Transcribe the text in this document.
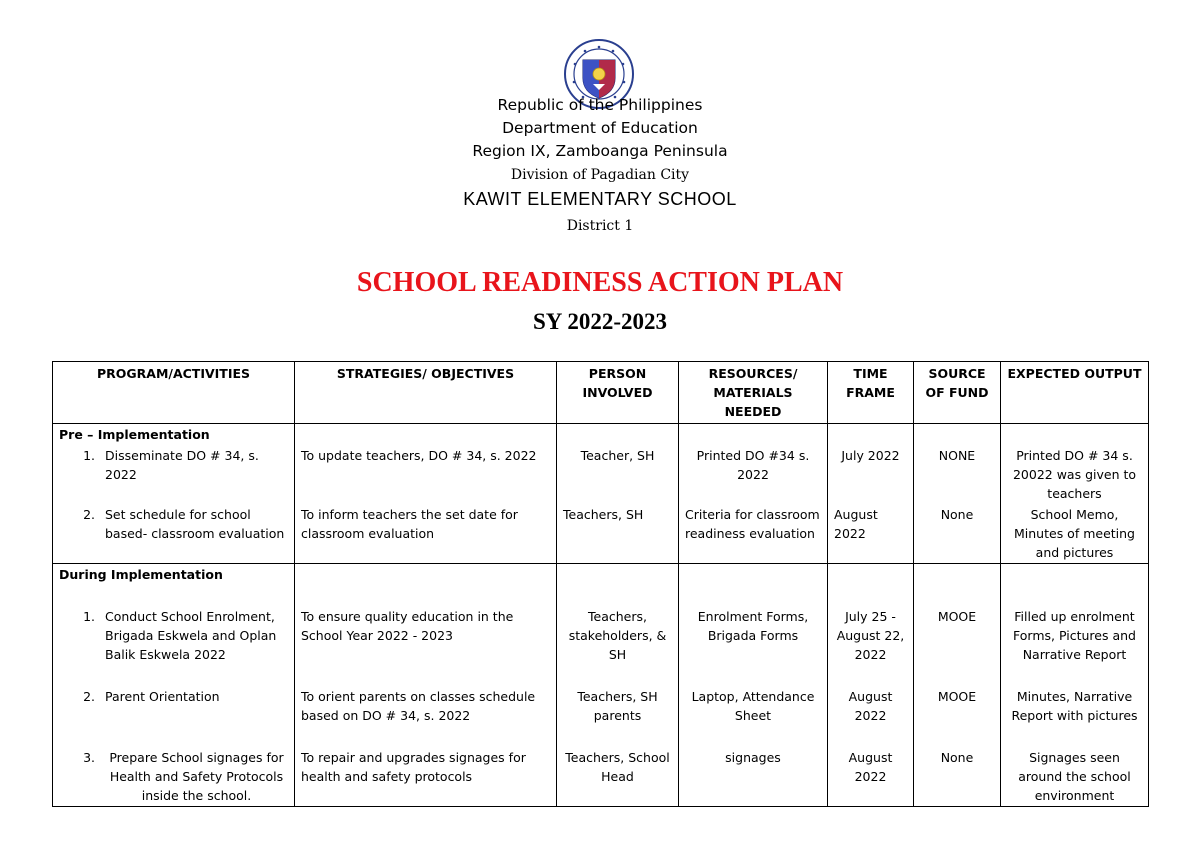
Republic of the Philippines
Department of Education
Region IX, Zamboanga Peninsula
Division of Pagadian City
KAWIT ELEMENTARY SCHOOL
District 1
SCHOOL READINESS ACTION PLAN
SY 2022-2023
PROGRAM/ACTIVITIES	STRATEGIES/ OBJECTIVES	PERSON INVOLVED	RESOURCES/ MATERIALS NEEDED	TIME FRAME	SOURCE OF FUND	EXPECTED OUTPUT
Pre – Implementation						

1. Disseminate DO # 34, s. 2022	To update teachers, DO # 34, s. 2022	Teacher, SH	Printed DO #34 s. 2022	July 2022	NONE	Printed DO # 34 s. 20022 was given to teachers

2. Set schedule for school based- classroom evaluation	To inform teachers the set date for classroom evaluation	Teachers, SH	Criteria for classroom readiness evaluation	August 2022	None	School Memo, Minutes of meeting and pictures
During Implementation						

1. Conduct School Enrolment, Brigada Eskwela and Oplan Balik Eskwela 2022	To ensure quality education in the School Year 2022 - 2023	Teachers, stakeholders, & SH	Enrolment Forms, Brigada Forms	July 25 - August 22, 2022	MOOE	Filled up enrolment Forms, Pictures and Narrative Report

2. Parent Orientation	To orient parents on classes schedule based on DO # 34, s. 2022	Teachers, SH parents	Laptop, Attendance Sheet	August 2022	MOOE	Minutes, Narrative Report with pictures

3. Prepare School signages for Health and Safety Protocols inside the school.	To repair and upgrades signages for health and safety protocols	Teachers, School Head	signages	August 2022	None	Signages seen around the school environment
